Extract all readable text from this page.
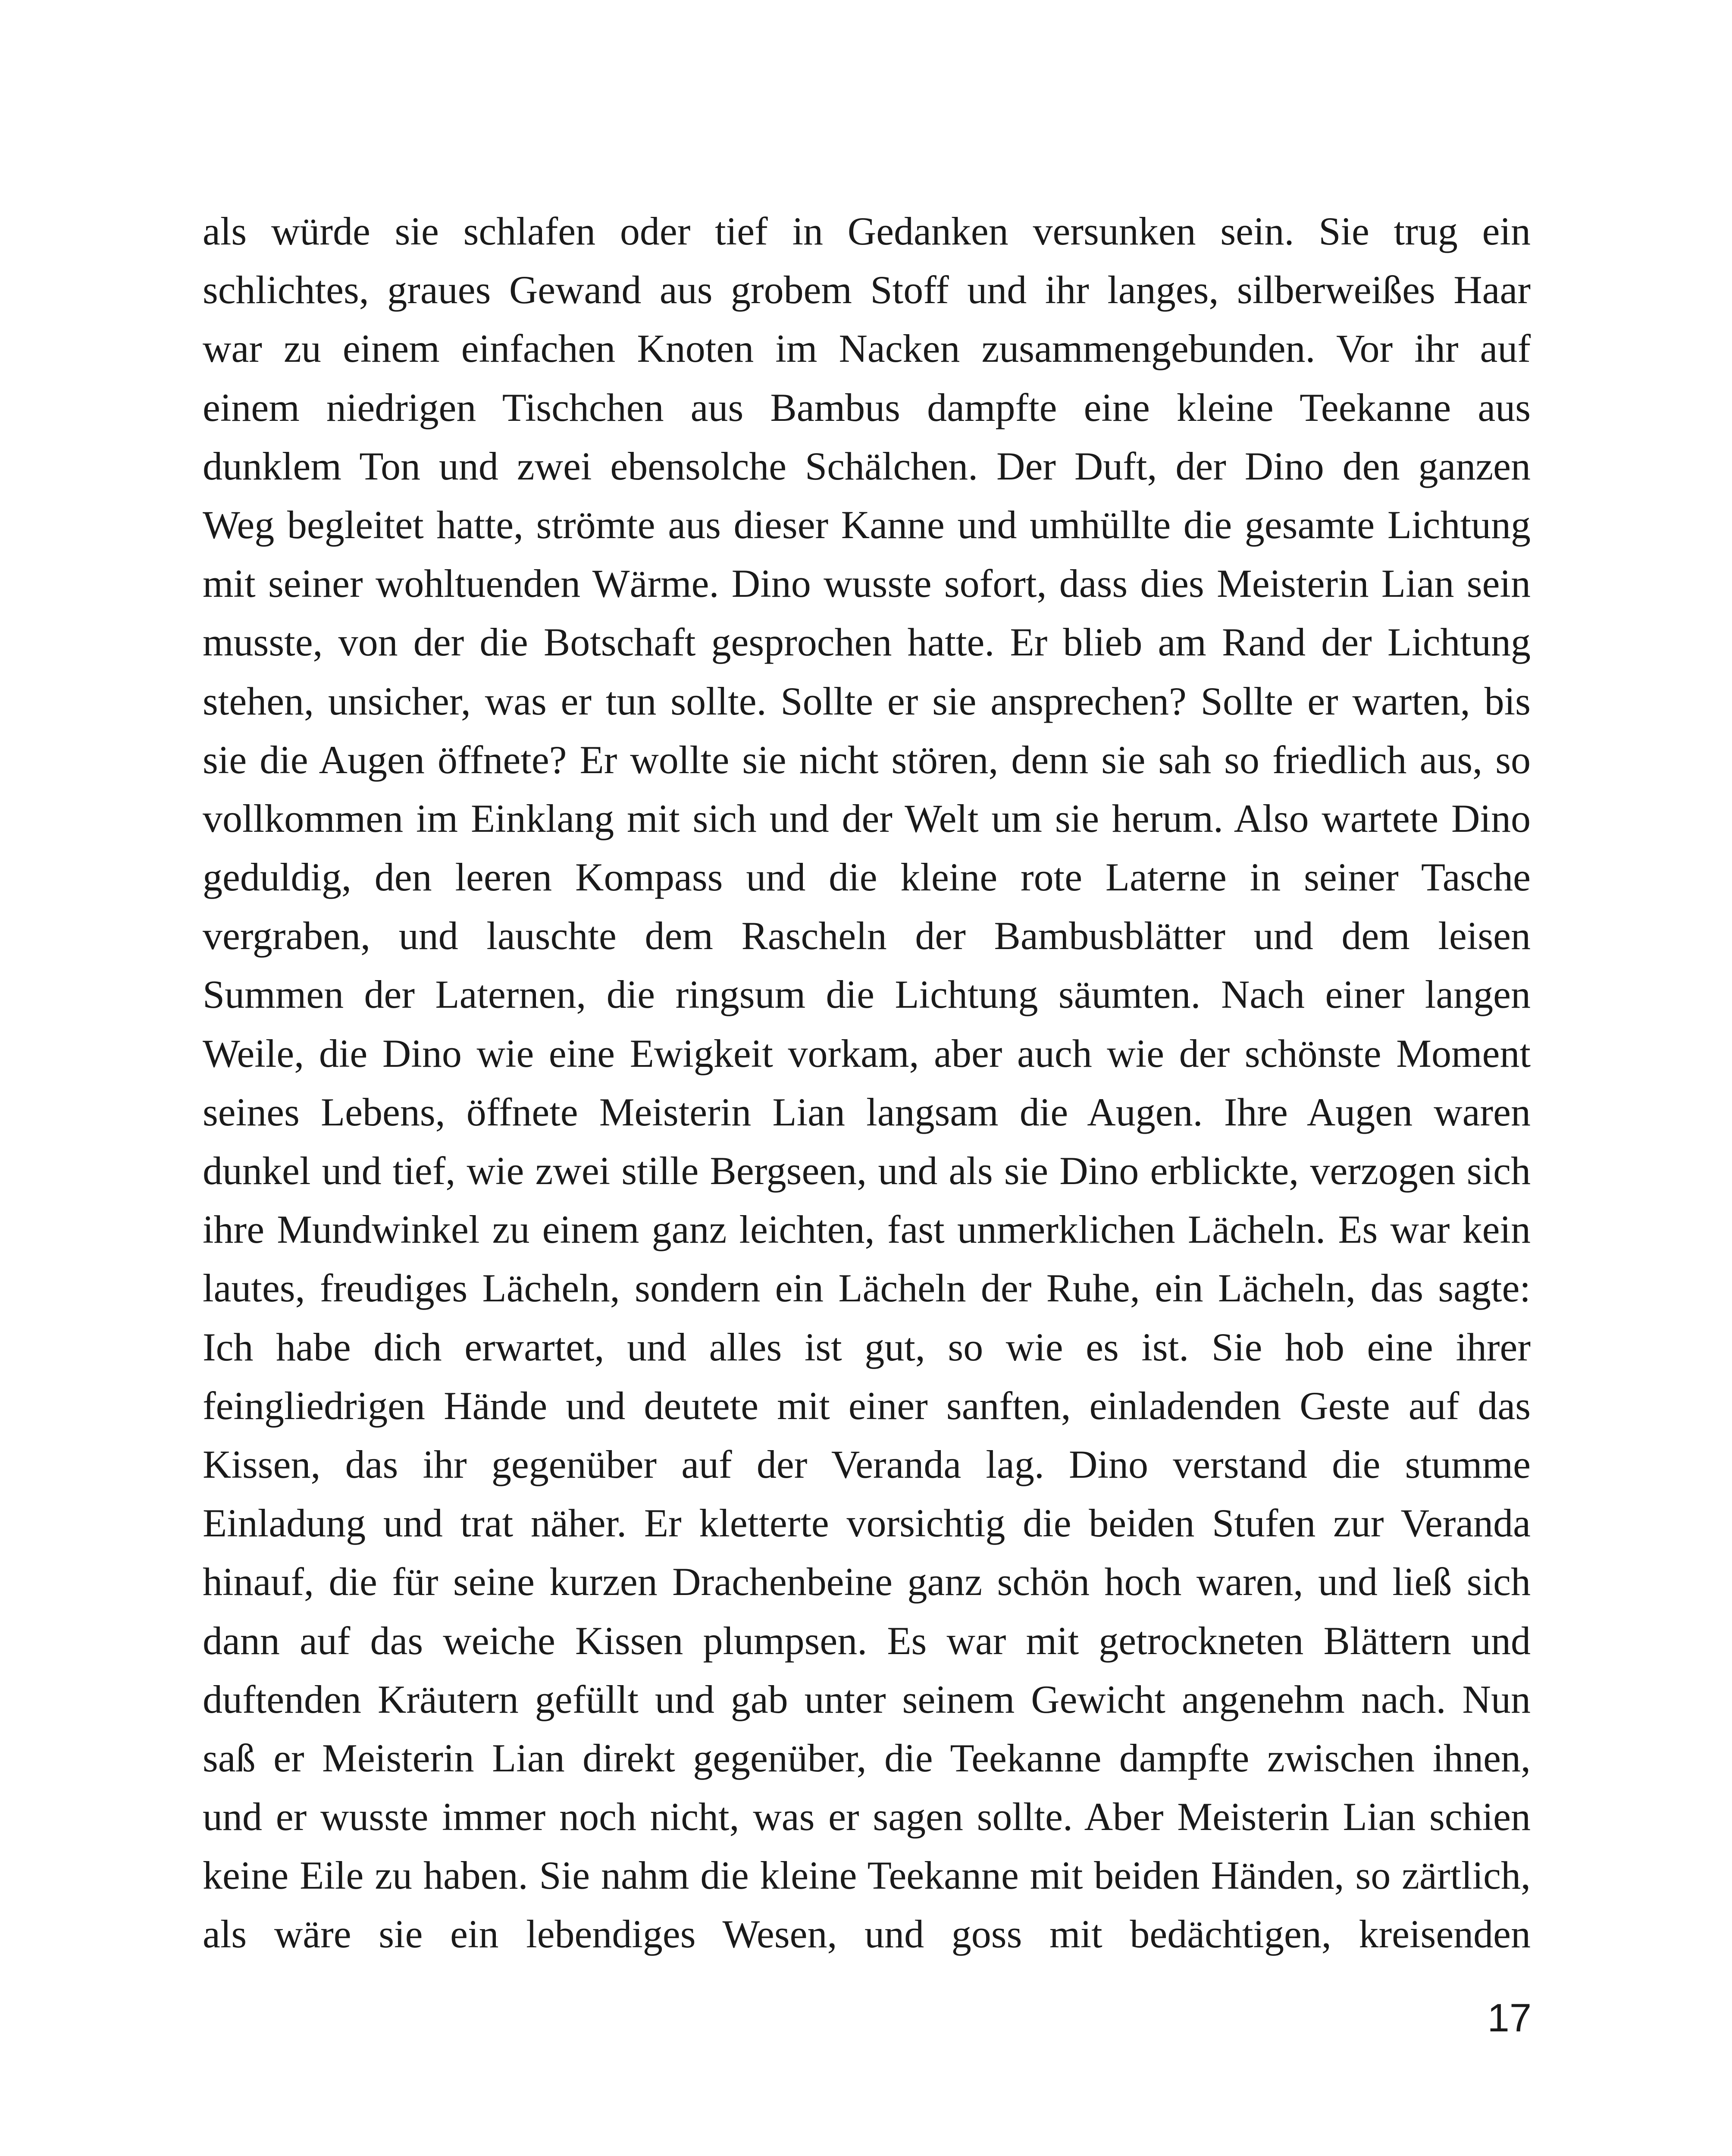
als würde sie schlafen oder tief in Gedanken versunken sein. Sie trug ein
schlichtes, graues Gewand aus grobem Stoff und ihr langes, silberweißes Haar
war zu einem einfachen Knoten im Nacken zusammengebunden. Vor ihr auf
einem niedrigen Tischchen aus Bambus dampfte eine kleine Teekanne aus
dunklem Ton und zwei ebensolche Schälchen. Der Duft, der Dino den ganzen
Weg begleitet hatte, strömte aus dieser Kanne und umhüllte die gesamte Lichtung
mit seiner wohltuenden Wärme. Dino wusste sofort, dass dies Meisterin Lian sein
musste, von der die Botschaft gesprochen hatte. Er blieb am Rand der Lichtung
stehen, unsicher, was er tun sollte. Sollte er sie ansprechen? Sollte er warten, bis
sie die Augen öffnete? Er wollte sie nicht stören, denn sie sah so friedlich aus, so
vollkommen im Einklang mit sich und der Welt um sie herum. Also wartete Dino
geduldig, den leeren Kompass und die kleine rote Laterne in seiner Tasche
vergraben, und lauschte dem Rascheln der Bambusblätter und dem leisen
Summen der Laternen, die ringsum die Lichtung säumten. Nach einer langen
Weile, die Dino wie eine Ewigkeit vorkam, aber auch wie der schönste Moment
seines Lebens, öffnete Meisterin Lian langsam die Augen. Ihre Augen waren
dunkel und tief, wie zwei stille Bergseen, und als sie Dino erblickte, verzogen sich
ihre Mundwinkel zu einem ganz leichten, fast unmerklichen Lächeln. Es war kein
lautes, freudiges Lächeln, sondern ein Lächeln der Ruhe, ein Lächeln, das sagte:
Ich habe dich erwartet, und alles ist gut, so wie es ist. Sie hob eine ihrer
feingliedrigen Hände und deutete mit einer sanften, einladenden Geste auf das
Kissen, das ihr gegenüber auf der Veranda lag. Dino verstand die stumme
Einladung und trat näher. Er kletterte vorsichtig die beiden Stufen zur Veranda
hinauf, die für seine kurzen Drachenbeine ganz schön hoch waren, und ließ sich
dann auf das weiche Kissen plumpsen. Es war mit getrockneten Blättern und
duftenden Kräutern gefüllt und gab unter seinem Gewicht angenehm nach. Nun
saß er Meisterin Lian direkt gegenüber, die Teekanne dampfte zwischen ihnen,
und er wusste immer noch nicht, was er sagen sollte. Aber Meisterin Lian schien
keine Eile zu haben. Sie nahm die kleine Teekanne mit beiden Händen, so zärtlich,
als wäre sie ein lebendiges Wesen, und goss mit bedächtigen, kreisenden
17
